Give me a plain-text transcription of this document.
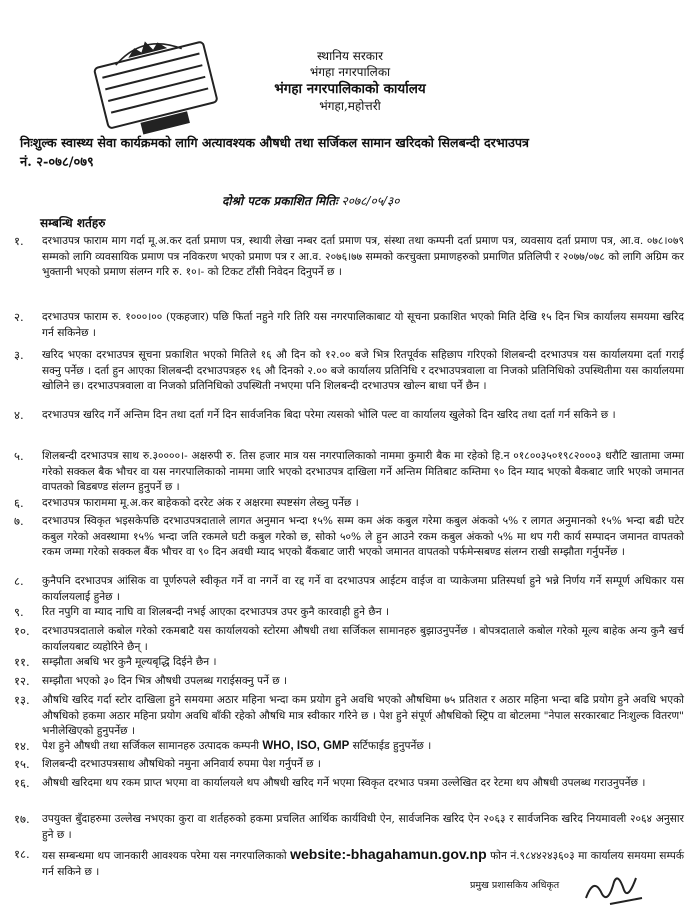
स्थानिय सरकार
भंगहा नगरपालिका
भंगहा नगरपालिकाको कार्यालय
भंगहा,महोत्तरी
निःशुल्क स्वास्थ्य सेवा कार्यक्रमको लागि अत्यावश्यक औषधी तथा सर्जिकल सामान खरिदको सिलबन्दी दरभाउपत्र
नं. २-०७८/०७९
दोश्रो पटक प्रकाशित मितिः २०७८/०५/३०
सम्बन्धि शर्तहरु
१.	दरभाउपत्र फाराम माग गर्दा मू.अ.कर दर्ता प्रमाण पत्र, स्थायी लेखा नम्बर दर्ता प्रमाण पत्र, संस्था तथा कम्पनी दर्ता प्रमाण पत्र, व्यवसाय दर्ता प्रमाण पत्र, आ.व. ०७८।०७९ सम्मको लागि व्यवसायिक प्रमाण पत्र नविकरण भएको प्रमाण पत्र र आ.व. २०७६।७७ सम्मको करचुक्ता प्रमाणहरुको प्रमाणित प्रतिलिपी र २०७७/०७८ को लागि अग्रिम कर भुक्तानी भएको प्रमाण संलग्न गरि रु. १०।- को टिकट टाँसी निवेदन दिनुपर्ने छ ।
२.	दरभाउपत्र फाराम रु. १०००।०० (एकहजार) पछि फिर्ता नहुने गरि तिरि यस नगरपालिकाबाट यो सूचना प्रकाशित भएको मिति देखि १५ दिन भित्र कार्यालय समयमा खरिद गर्न सकिनेछ ।
३.	खरिद भएका दरभाउपत्र सूचना प्रकाशित भएको मितिले १६ औ दिन को १२.०० बजे भित्र रितपूर्वक सहिछाप गरिएको शिलबन्दी दरभाउपत्र यस कार्यालयमा दर्ता गराई सक्नु पर्नेछ । दर्ता हुन आएका शिलबन्दी दरभाउपत्रहरु १६ औ दिनको २.०० बजे कार्यालय प्रतिनिधि र दरभाउपत्रवाला वा निजको प्रतिनिधिको उपस्थितीमा यस कार्यालयमा खोलिने छ। दरभाउपत्रवाला वा निजको प्रतिनिधिको उपस्थिती नभएमा पनि शिलबन्दी दरभाउपत्र खोल्न बाधा पर्ने छैन ।
४.	दरभाउपत्र खरिद गर्ने अन्तिम दिन तथा दर्ता गर्ने दिन सार्वजनिक बिदा परेमा त्यसको भोलि पल्ट वा कार्यालय खुलेको दिन खरिद तथा दर्ता गर्न सकिने छ ।
५.	शिलबन्दी दरभाउपत्र साथ रु.३००००।- अक्षरुपी रु. तिस हजार मात्र यस नगरपालिकाको नाममा कुमारी बैक मा रहेको हि.न ०१८००३५०१९८२०००३ धरौटि खातामा जम्मा गरेको सक्कल बैक भौचर वा यस नगरपालिकाको नाममा जारि भएको दरभाउपत्र दाखिला गर्ने अन्तिम मितिबाट कम्तिमा ९० दिन म्याद भएको बैकबाट जारि भएको जमानत वापतको बिडबण्ड संलग्न हुनुपर्ने छ ।
६.	दरभाउपत्र फाराममा मू.अ.कर बाहेकको दररेट अंक र अक्षरमा स्पष्टसंग लेख्नु पर्नेछ ।
७.	दरभाउपत्र स्विकृत भइसकेपछि दरभाउपत्रदाताले लागत अनुमान भन्दा १५% सम्म कम अंक कबुल गरेमा कबुल अंकको ५% र लागत अनुमानको १५% भन्दा बढी घटेर कबुल गरेको अवस्थामा १५% भन्दा जति रकमले घटी कबुल गरेको छ, सोको ५०% ले हुन आउने रकम कबुल अंकको ५% मा थप गरी कार्य सम्पादन जमानत वापतको रकम जम्मा गरेको सक्कल बैंक भौचर वा ९० दिन अवधी म्याद भएको बैंकबाट जारी भएको जमानत वापतको पर्फमेन्सबण्ड संलग्न राखी सम्झौता गर्नुपर्नेछ ।
८.	कुनैपनि दरभाउपत्र आंसिक वा पूर्णरुपले स्वीकृत गर्ने वा नगर्ने वा रद्द गर्ने वा दरभाउपत्र आईटम वाईज वा प्याकेजमा प्रतिस्पर्धा हुने भन्ने निर्णय गर्ने सम्पूर्ण अधिकार यस कार्यालयलाई हुनेछ ।
९.	रित नपुगि वा म्याद नाघि वा शिलबन्दी नभई आएका दरभाउपत्र उपर कुनै कारवाही हुने छैन ।
१०.	दरभाउपत्रदाताले कबोल गरेको रकमबाटै यस कार्यालयको स्टोरमा औषधी तथा सर्जिकल सामानहरु बुझाउनुपर्नेछ । बोपत्रदाताले कबोल गरेको मूल्य बाहेक अन्य कुनै खर्च कार्यालयबाट व्यहोरिने छैन् ।
११.	सम्झौता अबधि भर कुनै मूल्यबृद्धि दिईने छैन ।
१२.	सम्झौता भएको ३० दिन भित्र औषधी उपलब्ध गराईसक्नु पर्ने छ ।
१३.	औषधि खरिद गर्दा स्टोर दाखिला हुने समयमा अठार महिना भन्दा कम प्रयोग हुने अवधि भएको औषधिमा ७५ प्रतिशत र अठार महिना भन्दा बढि प्रयोग हुने अवधि भएको औषधिको हकमा अठार महिना प्रयोग अवधि बाँकी रहेको औषधि मात्र स्वीकार गरिने छ । पेश हुने संपूर्ण औषधिको स्ट्रिप वा बोटलमा "नेपाल सरकारबाट निःशुल्क वितरण" भनीलेखिएको हुनुपर्नेछ ।
१४.	पेश हुने औषधी तथा सर्जिकल सामानहरु उत्पादक कम्पनी WHO, ISO, GMP सर्टिफाईड हुनुपर्नेछ ।
१५.	शिलबन्दी दरभाउपत्रसाथ औषधिको नमुना अनिवार्य रुपमा पेश गर्नुपर्ने छ ।
१६.	औषधी खरिदमा थप रकम प्राप्त भएमा वा कार्यालयले थप औषधी खरिद गर्ने भएमा स्विकृत दरभाउ पत्रमा उल्लेखित दर रेटमा थप औषधी उपलब्ध गराउनुपर्नेछ ।
१७.	उपयुक्त बुँदाहरुमा उल्लेख नभएका कुरा वा शर्तहरुको हकमा प्रचलित आर्थिक कार्यविधी ऐन, सार्वजनिक खरिद ऐन २०६३ र सार्वजनिक खरिद नियमावली २०६४ अनुसार हुने छ ।
१८.	यस सम्बन्धमा थप जानकारी आवश्यक परेमा यस नगरपालिकाको website:-bhagahamun.gov.np फोन नं.९८४४२४३६०३ मा कार्यालय समयमा सम्पर्क गर्न सकिने छ ।
प्रमुख प्रशासकिय अधिकृत
